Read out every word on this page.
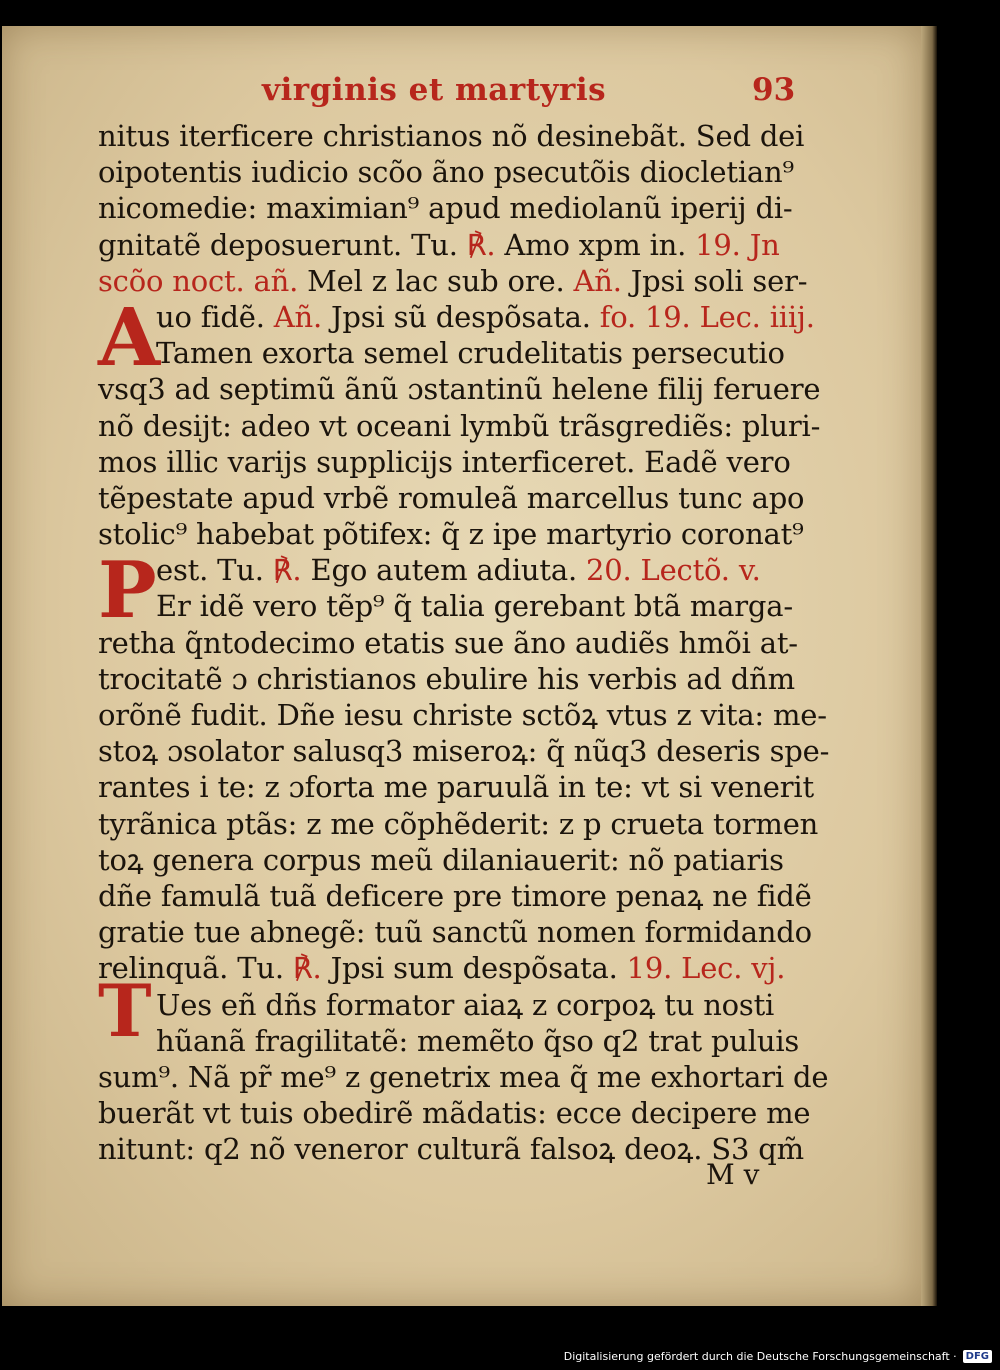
virginis et martyris	93
A
P
T
nitus iterficere christianos nõ desinebãt. Sed dei
oipotentis iudicio scõo ãno psecutõis diocletian⁹
nicomedie: maximian⁹ apud mediolanũ iperij di-
gnitatẽ deposuerunt. Tu. ℟. Amo xpm in. 19. Jn
scõo noct. añ. Mel z lac sub ore. Añ. Jpsi soli ser-
uo fidẽ. Añ. Jpsi sũ despõsata. fo. 19. Lec. iiij.
Tamen exorta semel crudelitatis persecutio
vsq3 ad septimũ ãnũ ɔstantinũ helene filij feruere
nõ desijt: adeo vt oceani lymbũ trãsgrediẽs: pluri-
mos illic varijs supplicijs interficeret. Eadẽ vero
tẽpestate apud vrbẽ romuleã marcellus tunc apo
stolic⁹ habebat põtifex: q̃ z ipe martyrio coronat⁹
est. Tu. ℟. Ego autem adiuta. 20. Lectõ. v.
Er idẽ vero tẽp⁹ q̃ talia gerebant btã marga-
retha q̃ntodecimo etatis sue ãno audiẽs hmõi at-
trocitatẽ ɔ christianos ebulire his verbis ad dñm
orõnẽ fudit. Dñe iesu christe sctõꝝ vtus z vita: me-
stoꝝ ɔsolator salusq3 miseroꝝ: q̃ nũq3 deseris spe-
rantes i te: z ɔforta me paruulã in te: vt si venerit
tyrãnica ptãs: z me cõphẽderit: z p crueta tormen
toꝝ genera corpus meũ dilaniauerit: nõ patiaris
dñe famulã tuã deficere pre timore penaꝝ ne fidẽ
gratie tue abnegẽ: tuũ sanctũ nomen formidando
relinquã. Tu. ℟. Jpsi sum despõsata. 19. Lec. vj.
Ues eñ dñs formator aiaꝝ z corpoꝝ tu nosti
hũanã fragilitatẽ: memẽto q̃so q2 trat puluis
sum⁹. Nã pr̃ me⁹ z genetrix mea q̃ me exhortari de
buerãt vt tuis obedirẽ mãdatis: ecce decipere me
nitunt: q2 nõ veneror culturã falsoꝝ deoꝝ. S3 qm̃
M v
Digitalisierung gefördert durch die Deutsche Forschungsgemeinschaft · DFG
